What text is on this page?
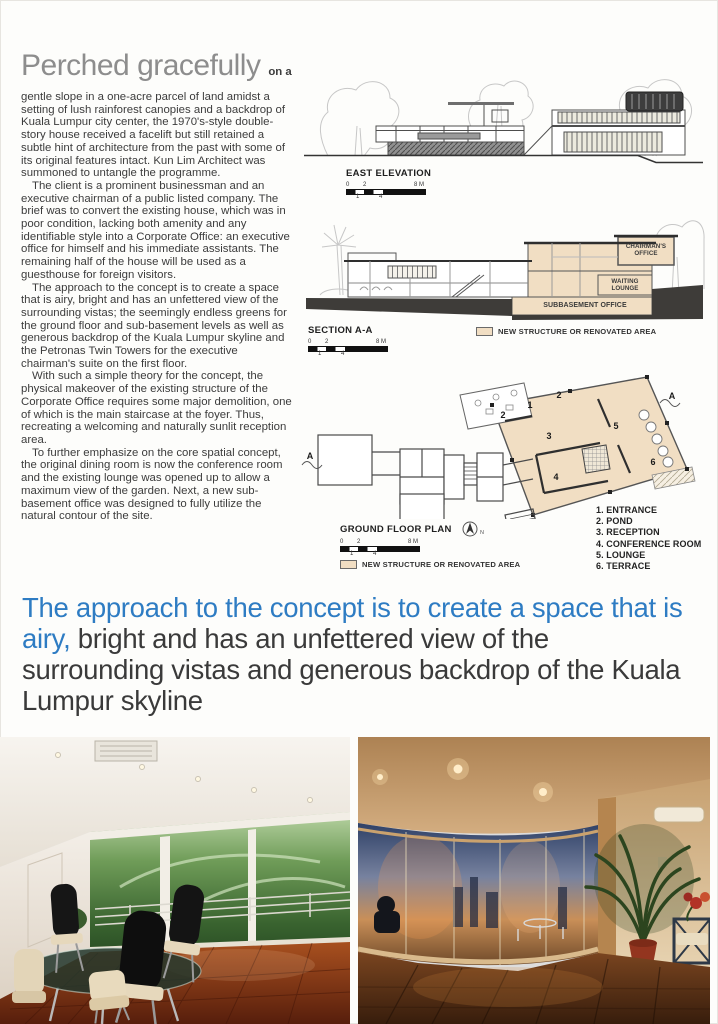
Perched gracefully on a

gentle slope in a one-acre parcel of land amidst a setting of lush rainforest canopies and a backdrop of Kuala Lumpur city center, the 1970's-style double-story house received a facelift but still retained a subtle hint of architecture from the past with some of its original features intact. Kun Lim Architect was summoned to untangle the programme.

The client is a prominent businessman and an executive chairman of a public listed company. The brief was to convert the existing house, which was in poor condition, lacking both amenity and any identifiable style into a Corporate Office: an executive office for himself and his immediate assistants. The remaining half of the house will be used as a guesthouse for foreign visitors.

The approach to the concept is to create a space that is airy, bright and has an unfettered view of the surrounding vistas; the seemingly endless greens for the ground floor and sub-basement levels as well as generous backdrop of the Kuala Lumpur skyline and the Petronas Twin Towers for the executive chairman's suite on the first floor.

With such a simple theory for the concept, the physical makeover of the existing structure of the Corporate Office requires some major demolition, one of which is the main staircase at the foyer. Thus, recreating a welcoming and naturally sunlit reception area.

To further emphasize on the core spatial concept, the original dining room is now the conference room and the existing lounge was opened up to allow a maximum view of the garden. Next, a new sub-basement office was designed to fully utilize the natural contour of the site.

EAST ELEVATION
0 2	8 M
1	4
CHAIRMAN'S
OFFICE
WAITING
LOUNGE
SUBBASEMENT OFFICE
SECTION A-A
0 2	8 M
1	4
NEW STRUCTURE OR RENOVATED AREA
2
1
2
3
5
4
6
A
A
GROUND FLOOR PLAN	N
0 2	8 M
1	4
NEW STRUCTURE OR RENOVATED AREA
1. ENTRANCE
2. POND
3. RECEPTION
4. CONFERENCE ROOM
5. LOUNGE
6. TERRACE
The approach to the concept is to create a space that is airy, bright and has an unfettered view of the surrounding vistas and generous backdrop of the Kuala Lumpur skyline
